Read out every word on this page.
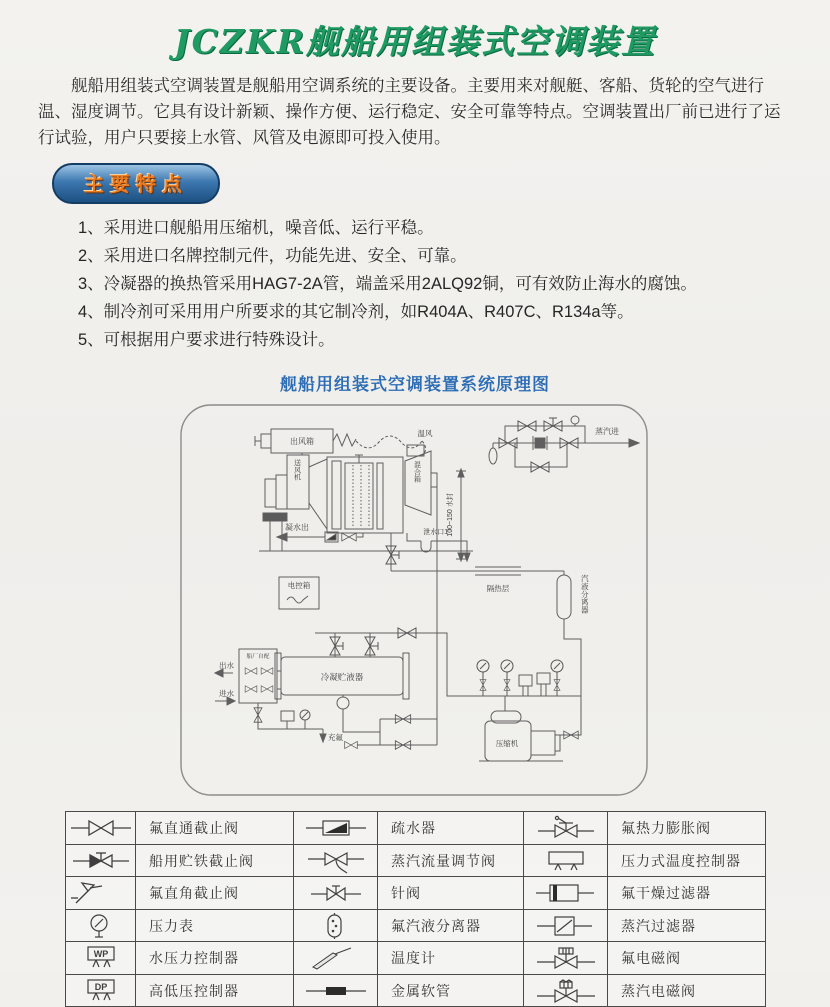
JCZKR舰船用组装式空调装置
舰船用组装式空调装置是舰船用空调系统的主要设备。主要用来对舰艇、客船、货轮的空气进行温、湿度调节。它具有设计新颖、操作方便、运行稳定、安全可靠等特点。空调装置出厂前已进行了运行试验，用户只要接上水管、风管及电源即可投入使用。
主要特点
1、采用进口舰船用压缩机，噪音低、运行平稳。
2、采用进口名牌控制元件，功能先进、安全、可靠。
3、冷凝器的换热管采用HAG7-2A管，端盖采用2ALQ92铜，可有效防止海水的腐蚀。
4、制冷剂可采用用户所要求的其它制冷剂，如R404A、R407C、R134a等。
5、可根据用户要求进行特殊设计。
舰船用组装式空调装置系统原理图
出风箱
送风机
混合箱
温风	蒸汽进
100~150 水封
泄水口1"
凝水出
电控箱	隔热层
汽液分离器
冷凝贮液器
出水
进水
船厂自配
充氟
压缩机
	氟直通截止阀		疏水器		氟热力膨胀阀
	船用贮铁截止阀		蒸汽流量调节阀		压力式温度控制器
	氟直角截止阀		针阀		氟干燥过滤器
	压力表		氟汽液分离器		蒸汽过滤器

WP	水压力控制器		温度计		氟电磁阀

DP	高低压控制器		金属软管		蒸汽电磁阀
